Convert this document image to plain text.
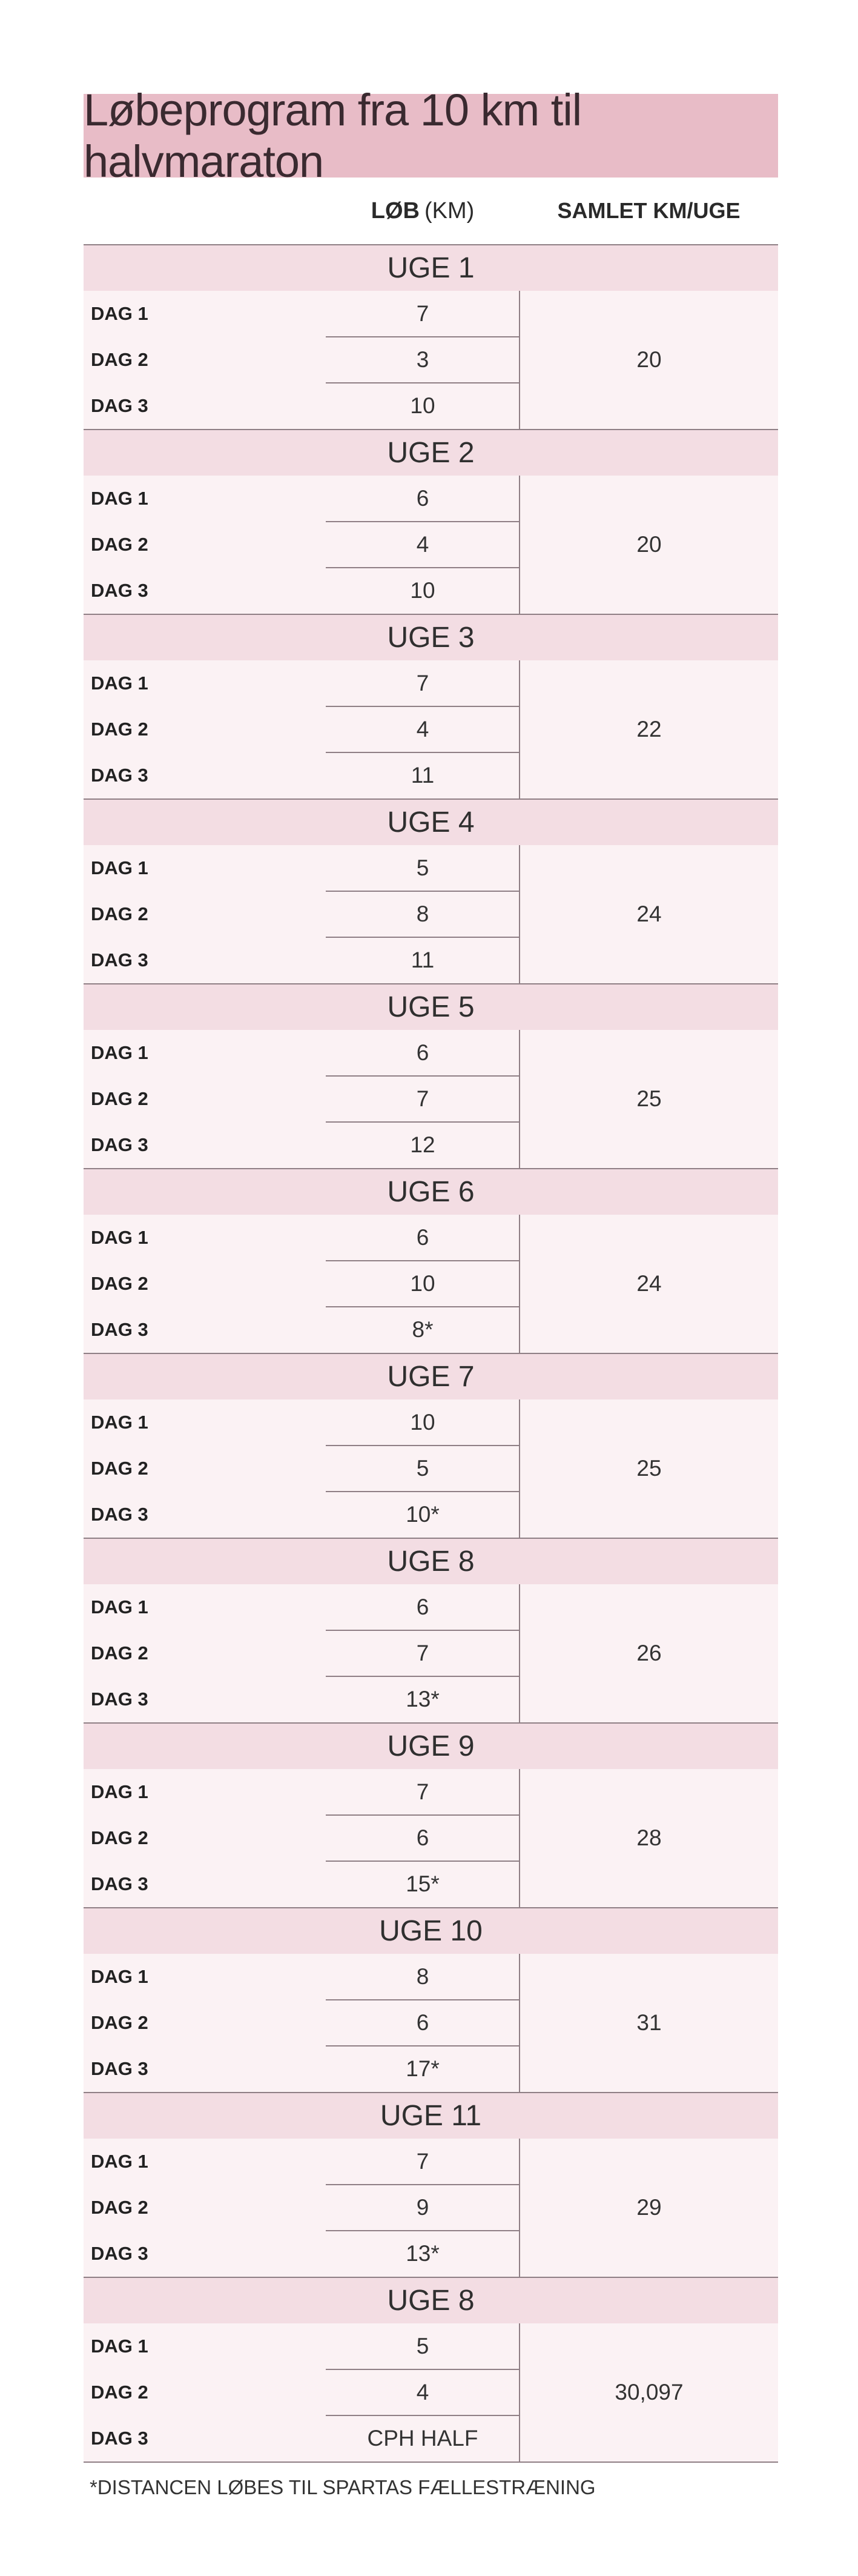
Løbeprogram fra 10 km til halvmaraton
LØB (KM)	SAMLET KM/UGE
UGE 1
DAG 1	7
DAG 2	3
DAG 3	10
20
UGE 2
DAG 1	6
DAG 2	4
DAG 3	10
20
UGE 3
DAG 1	7
DAG 2	4
DAG 3	11
22
UGE 4
DAG 1	5
DAG 2	8
DAG 3	11
24
UGE 5
DAG 1	6
DAG 2	7
DAG 3	12
25
UGE 6
DAG 1	6
DAG 2	10
DAG 3	8*
24
UGE 7
DAG 1	10
DAG 2	5
DAG 3	10*
25
UGE 8
DAG 1	6
DAG 2	7
DAG 3	13*
26
UGE 9
DAG 1	7
DAG 2	6
DAG 3	15*
28
UGE 10
DAG 1	8
DAG 2	6
DAG 3	17*
31
UGE 11
DAG 1	7
DAG 2	9
DAG 3	13*
29
UGE 8
DAG 1	5
DAG 2	4
DAG 3	CPH HALF
30,097
*DISTANCEN LØBES TIL SPARTAS FÆLLESTRÆNING
